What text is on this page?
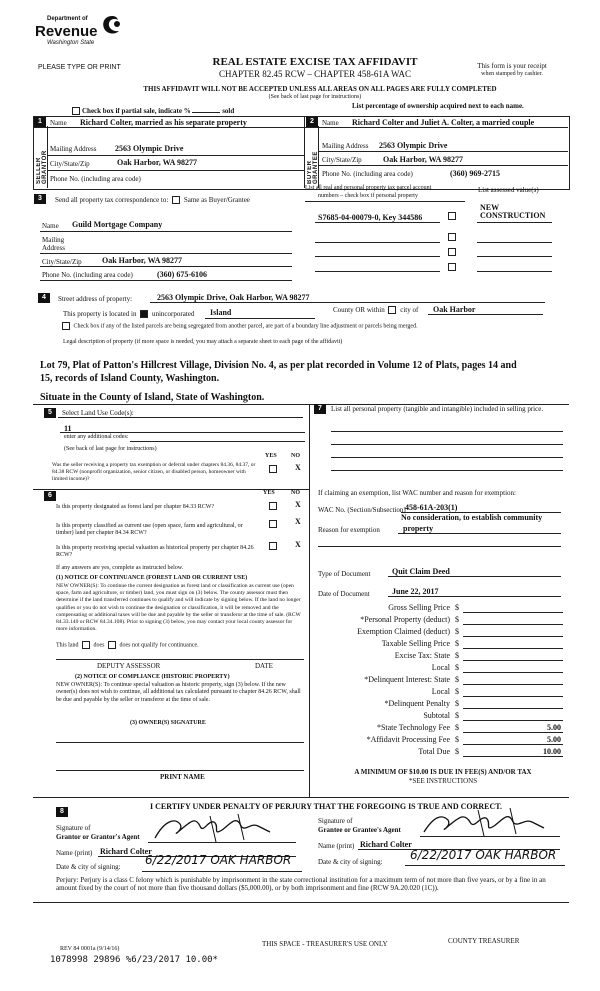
Department of
Revenue
Washington State
PLEASE TYPE OR PRINT	REAL ESTATE EXCISE TAX AFFIDAVIT
CHAPTER 82.45 RCW – CHAPTER 458-61A WAC
This form is your receipt
when stamped by cashier.
THIS AFFIDAVIT WILL NOT BE ACCEPTED UNLESS ALL AREAS ON ALL PAGES ARE FULLY COMPLETED
(See back of last page for instructions)
Check box if partial sale, indicate %	sold
List percentage of ownership acquired next to each name.
1	2
SELLER GRANTOR	BUYER GRANTEE
Name Richard Colter, married as his separate property
Mailing Address 2563 Olympic Drive
City/State/Zip	Oak Harbor, WA 98277
Phone No. (including area code)
Name Richard Colter and Juliet A. Colter, a married couple
Mailing Address 2563 Olympic Drive
City/State/Zip	Oak Harbor, WA 98277
Phone No. (including area code)	(360) 969-2715
3	Send all property tax correspondence to: Same as Buyer/Grantee
Name Guild Mortgage Company
Mailing
Address
City/State/Zip	Oak Harbor, WA 98277
Phone No. (including area code)	(360) 675-6106
List all real and personal property tax parcel account
numbers – check box if personal property
List assessed value(s)
S7685-04-00079-0, Key 344586
NEW
CONSTRUCTION
4	Street address of property:	2563 Olympic Drive, Oak Harbor, WA 98277
This property is located in unincorporated Island	County OR within city of Oak Harbor
Check box if any of the listed parcels are being segregated from another parcel, are part of a boundary line adjustment or parcels being merged.
Legal description of property (if more space is needed, you may attach a separate sheet to each page of the affidavit)
Lot 79, Plat of Patton's Hillcrest Village, Division No. 4, as per plat recorded in Volume 12 of Plats, pages 14 and
15, records of Island County, Washington.
Situate in the County of Island, State of Washington.
5	Select Land Use Code(s):
11
enter any additional codes:
(See back of last page for instructions)
YES NO
Was the seller receiving a property tax exemption or deferral under chapters 84.36, 84.37, or 84.38 RCW (nonprofit organization, senior citizen, or disabled person, homeowner with limited income)?
X
6	YES	NO
Is this property designated as forest land per chapter 84.33 RCW?	X
Is this property classified as current use (open space, farm and agricultural, or timber) land per chapter 84.34 RCW?
X
Is this property receiving special valuation as historical property per chapter 84.26 RCW?
X
If any answers are yes, complete as instructed below.
(1) NOTICE OF CONTINUANCE (FOREST LAND OR CURRENT USE)
NEW OWNER(S): To continue the current designation as forest land or classification as current use (open space, farm and agriculture, or timber) land, you must sign on (3) below. The county assessor must then determine if the land transferred continues to qualify and will indicate by signing below. If the land no longer qualifies or you do not wish to continue the designation or classification, it will be removed and the compensating or additional taxes will be due and payable by the seller or transferor at the time of sale. (RCW 84.33.140 or RCW 84.34.108). Prior to signing (3) below, you may contact your local county assessor for more information.
This land	does	does not qualify for continuance.
DEPUTY ASSESSOR	DATE
(2) NOTICE OF COMPLIANCE (HISTORIC PROPERTY)
NEW OWNER(S): To continue special valuation as historic property, sign (3) below. If the new owner(s) does not wish to continue, all additional tax calculated pursuant to chapter 84.26 RCW, shall be due and payable by the seller or transferor at the time of sale.
(3) OWNER(S) SIGNATURE
PRINT NAME
7	List all personal property (tangible and intangible) included in selling price.
If claiming an exemption, list WAC number and reason for exemption:
WAC No. (Section/Subsection) 458-61A-203(1)
No consideration, to establish community
Reason for exemption	property
Type of Document	Quit Claim Deed
Date of Document	June 22, 2017
Gross Selling Price $
*Personal Property (deduct) $
Exemption Claimed (deduct) $
Taxable Selling Price $
Excise Tax: State $
Local $
*Delinquent Interest: State $
Local $
*Delinquent Penalty $
Subtotal $
*State Technology Fee $	5.00
*Affidavit Processing Fee $	5.00
Total Due $	10.00
A MINIMUM OF $10.00 IS DUE IN FEE(S) AND/OR TAX
*SEE INSTRUCTIONS
8
I CERTIFY UNDER PENALTY OF PERJURY THAT THE FOREGOING IS TRUE AND CORRECT.
Signature of
Grantor or Grantor's Agent
Signature of
Grantee or Grantee's Agent
Name (print) Richard Colter
Name (print) Richard Colter
Date & city of signing: 6/22/2017 OAK HARBOR	Date & city of signing: 6/22/2017 OAK HARBOR
Perjury: Perjury is a class C felony which is punishable by imprisonment in the state correctional institution for a maximum term of not more than five years, or by a fine in an amount fixed by the court of not more than five thousand dollars ($5,000.00), or by both imprisonment and fine (RCW 9A.20.020 (1C)).
REV 84 0001a (9/14/16)
THIS SPACE - TREASURER'S USE ONLY	COUNTY TREASURER
1078998 29896 %6/23/2017 10.00*
